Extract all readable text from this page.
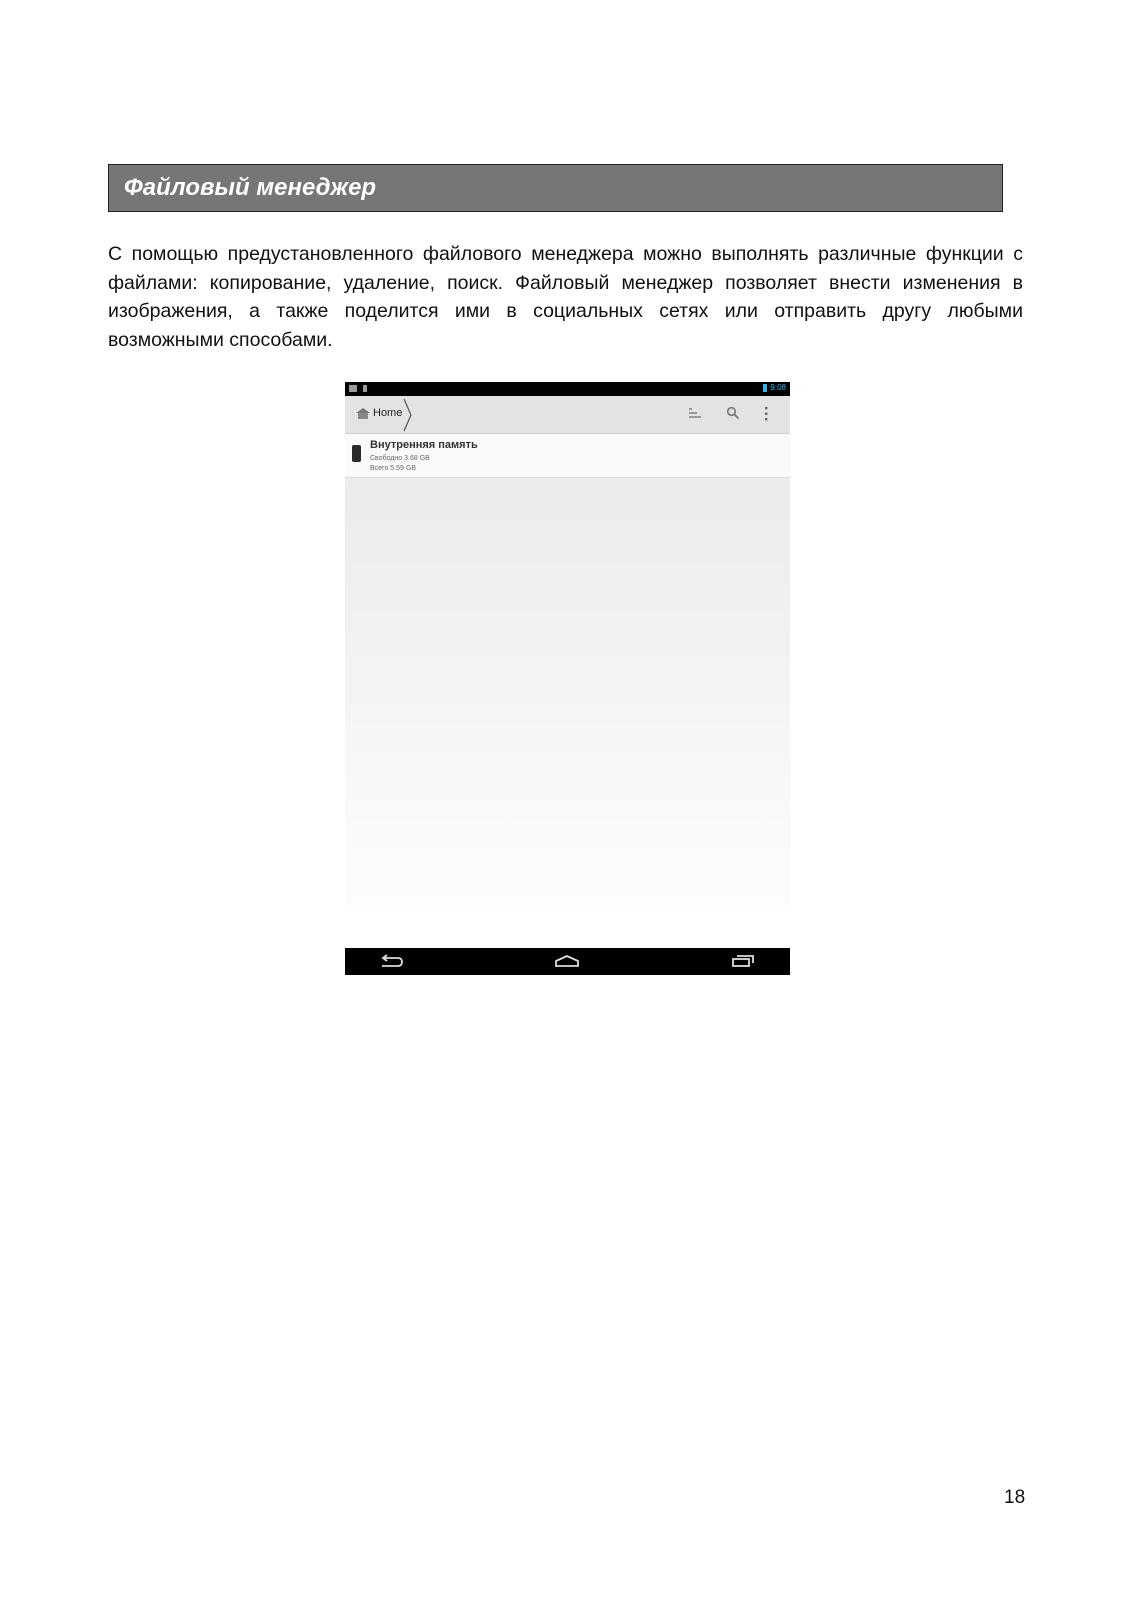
Файловый менеджер
С помощью предустановленного файлового менеджера можно выполнять различные функции с файлами: копирование, удаление, поиск. Файловый менеджер позволяет внести изменения в изображения, а также поделится ими в социальных сетях или отправить другу любыми возможными способами.
9:08
Home
Внутренняя память
Свободно 3.68 GB
Всего 5.59 GB
18
